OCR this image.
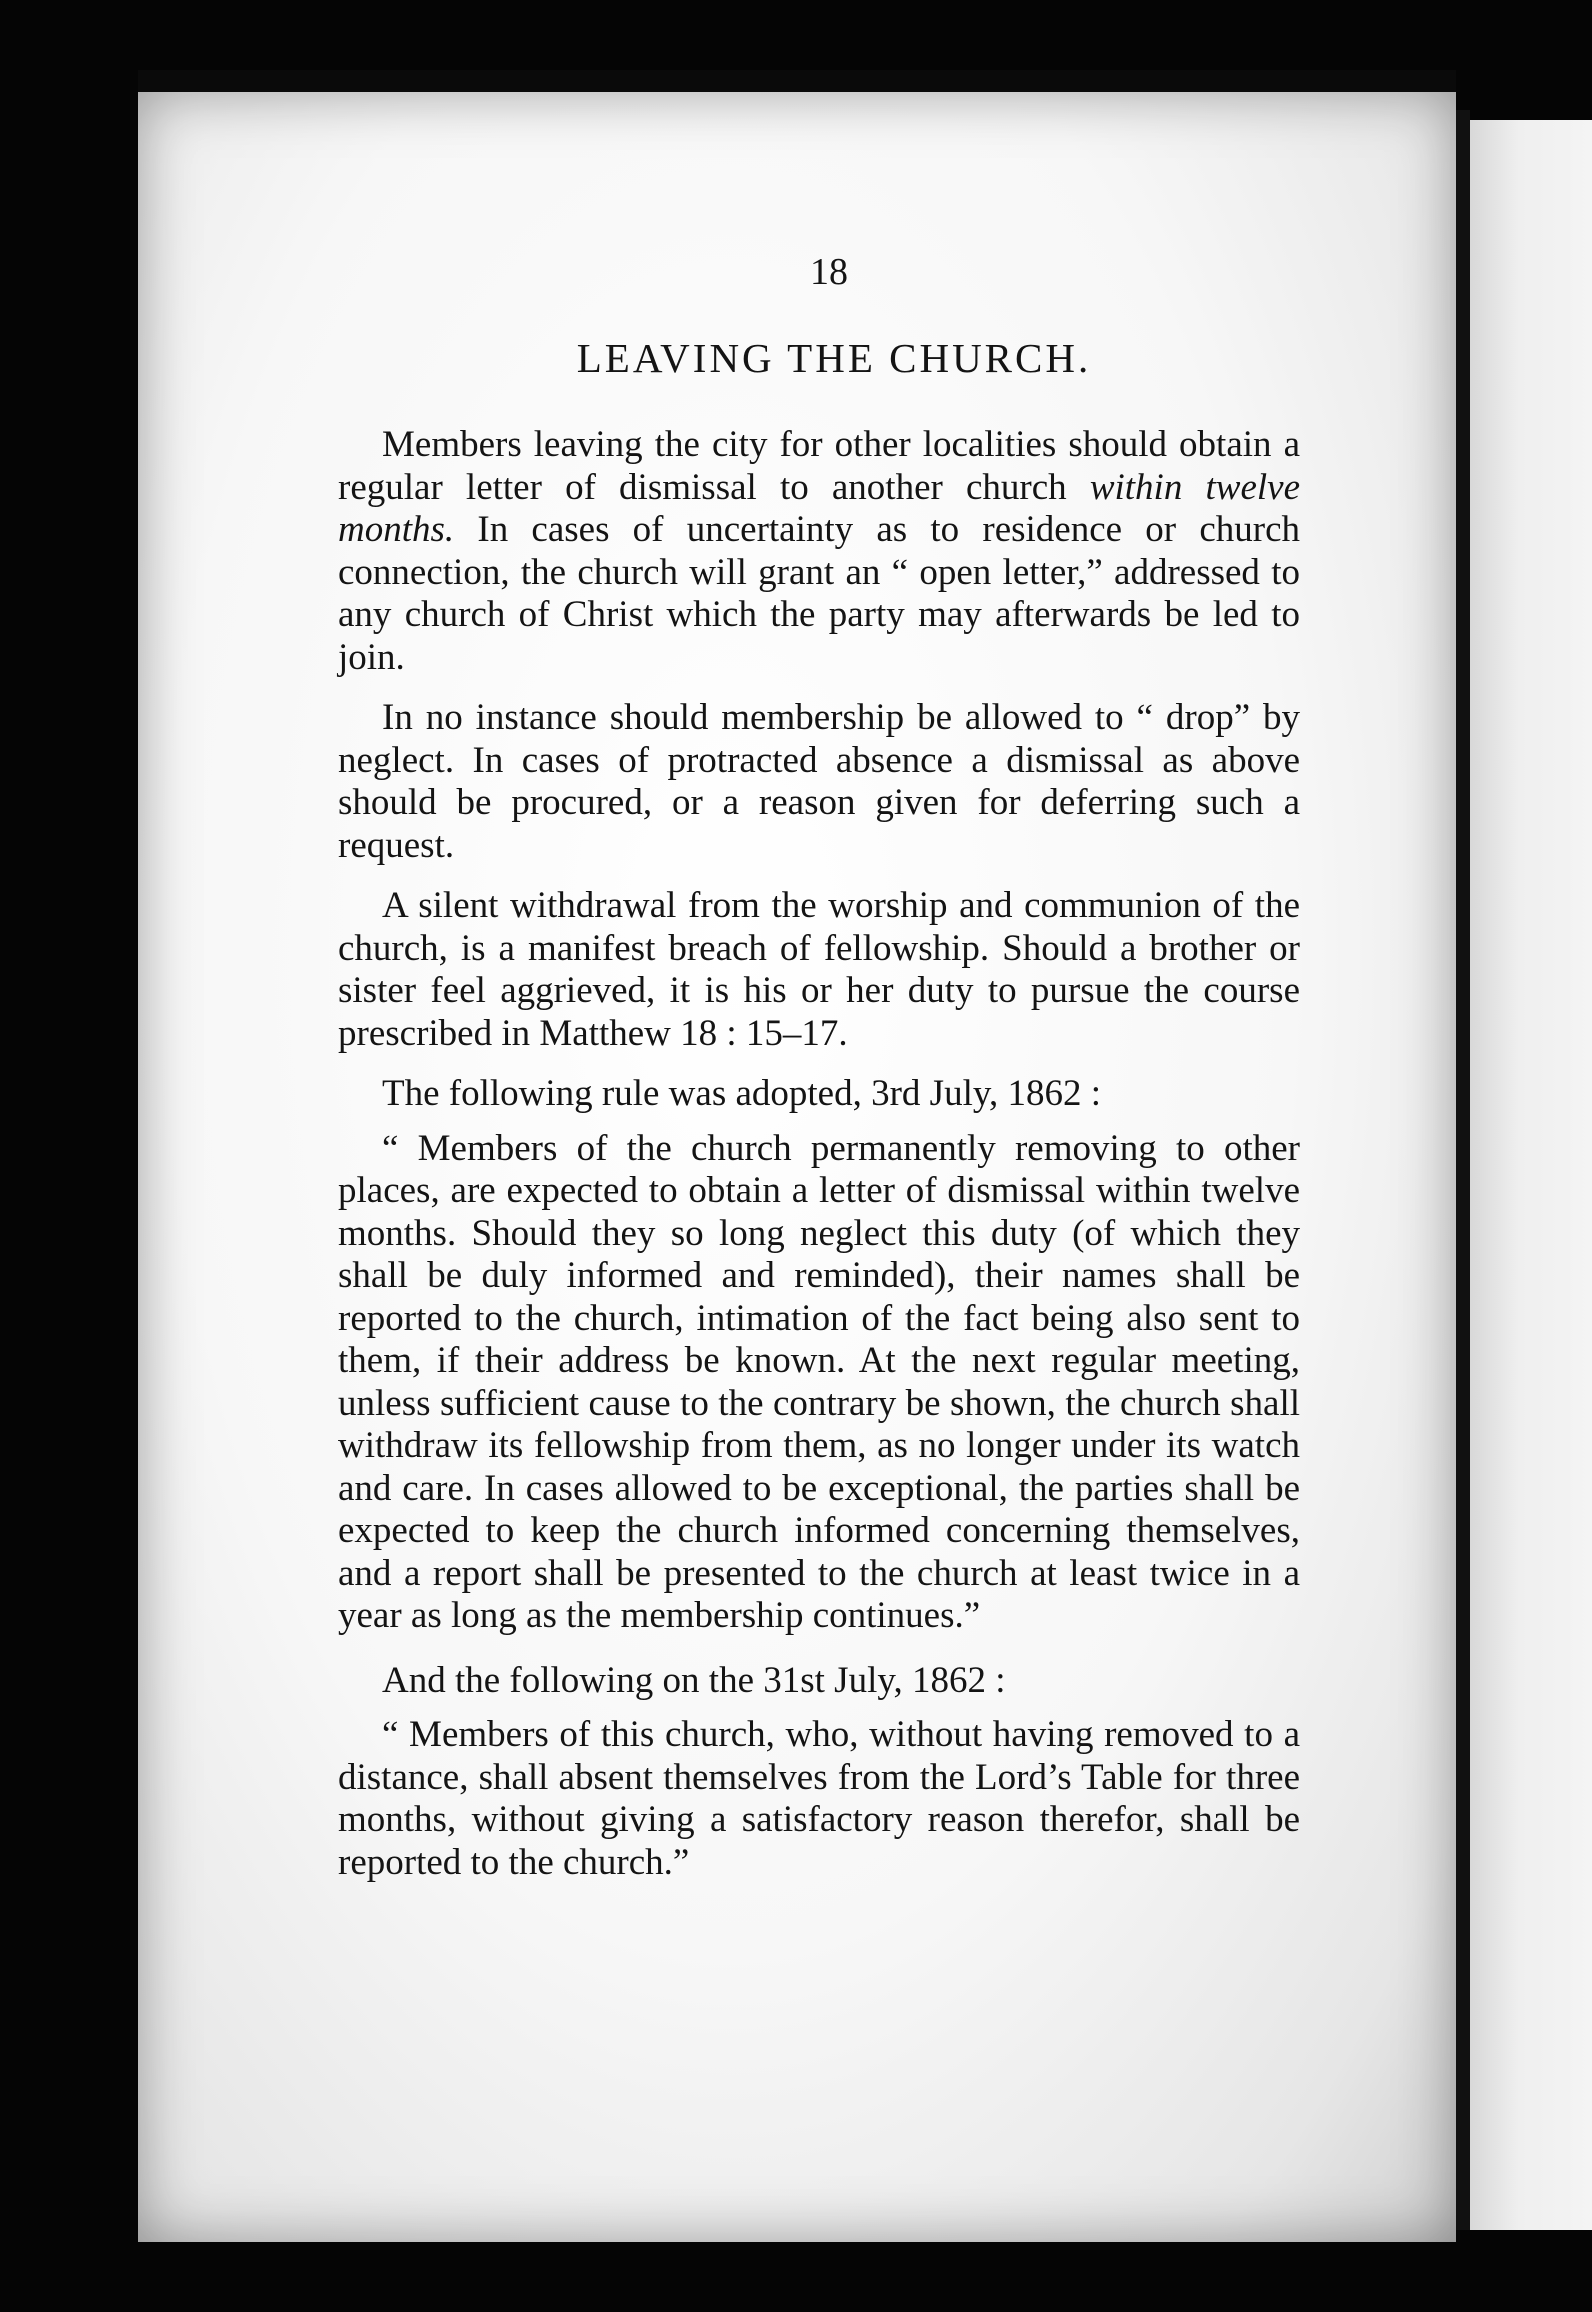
18
LEAVING THE CHURCH.

Members leaving the city for other localities should obtain a regular letter of dismissal to another church within twelve months. In cases of uncertainty as to residence or church connection, the church will grant an “ open letter,” addressed to any church of Christ which the party may afterwards be led to join.

In no instance should membership be allowed to “ drop” by neglect. In cases of protracted absence a dismissal as above should be procured, or a reason given for deferring such a request.

A silent withdrawal from the worship and communion of the church, is a manifest breach of fellowship. Should a brother or sister feel aggrieved, it is his or her duty to pursue the course prescribed in Matthew 18 : 15–17.

The following rule was adopted, 3rd July, 1862 :

“ Members of the church permanently removing to other places, are expected to obtain a letter of dismissal within twelve months. Should they so long neglect this duty (of which they shall be duly informed and reminded), their names shall be reported to the church, intimation of the fact being also sent to them, if their address be known. At the next regular meeting, unless sufficient cause to the contrary be shown, the church shall withdraw its fellowship from them, as no longer under its watch and care. In cases allowed to be exceptional, the parties shall be expected to keep the church informed concerning themselves, and a report shall be presented to the church at least twice in a year as long as the membership continues.”

And the following on the 31st July, 1862 :

“ Members of this church, who, without having removed to a distance, shall absent themselves from the Lord’s Table for three months, without giving a satisfactory reason therefor, shall be reported to the church.”
